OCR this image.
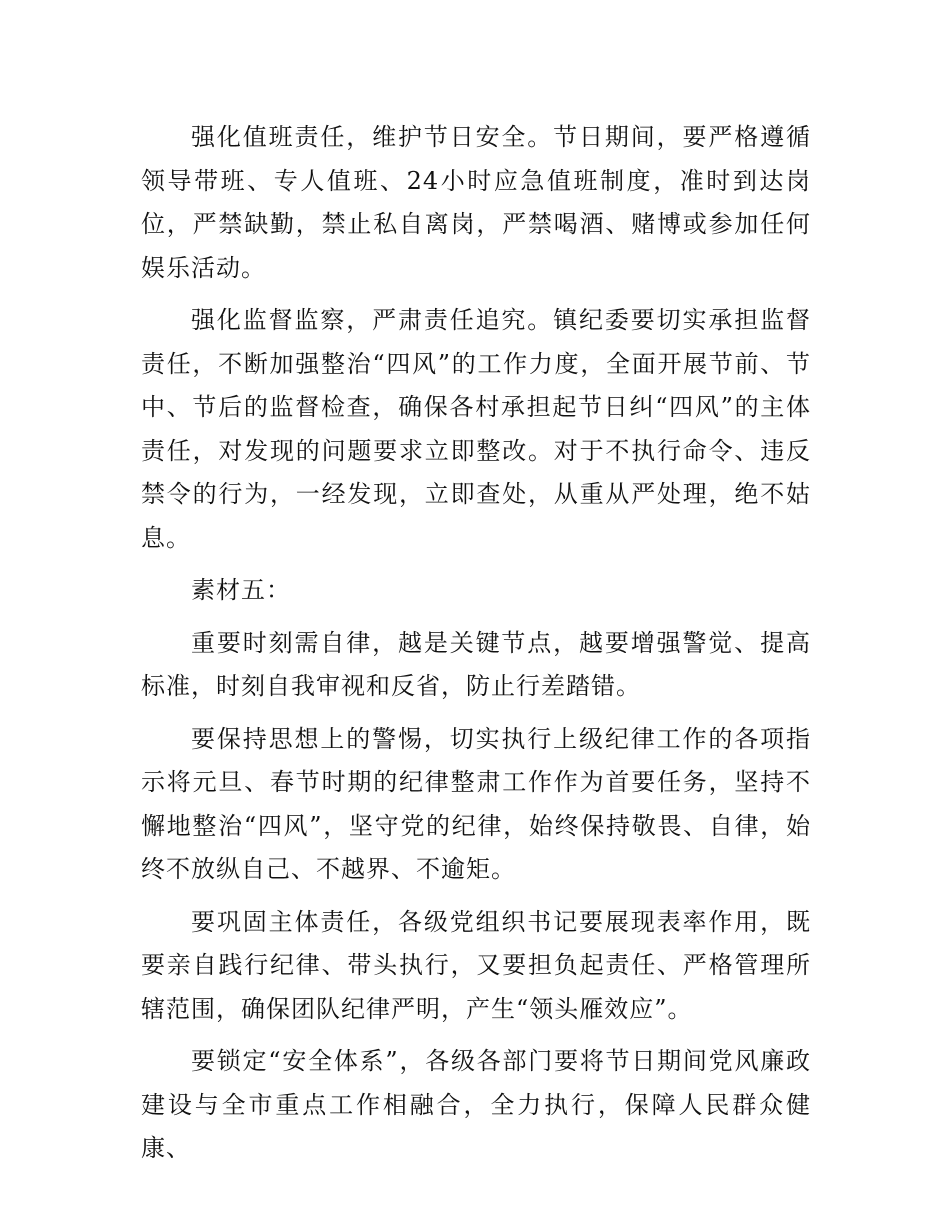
强化值班责任，维护节日安全。节日期间，要严格遵循领导带班、专人值班、24小时应急值班制度，准时到达岗位，严禁缺勤，禁止私自离岗，严禁喝酒、赌博或参加任何娱乐活动。

强化监督监察，严肃责任追究。镇纪委要切实承担监督责任，不断加强整治“四风”的工作力度，全面开展节前、节中、节后的监督检查，确保各村承担起节日纠“四风”的主体责任，对发现的问题要求立即整改。对于不执行命令、违反禁令的行为，一经发现，立即查处，从重从严处理，绝不姑息。

素材五：

重要时刻需自律，越是关键节点，越要增强警觉、提高标准，时刻自我审视和反省，防止行差踏错。

要保持思想上的警惕，切实执行上级纪律工作的各项指示将元旦、春节时期的纪律整肃工作作为首要任务，坚持不懈地整治“四风”，坚守党的纪律，始终保持敬畏、自律，始终不放纵自己、不越界、不逾矩。

要巩固主体责任，各级党组织书记要展现表率作用，既要亲自践行纪律、带头执行，又要担负起责任、严格管理所辖范围，确保团队纪律严明，产生“领头雁效应”。

要锁定“安全体系”，各级各部门要将节日期间党风廉政建设与全市重点工作相融合，全力执行，保障人民群众健康、
